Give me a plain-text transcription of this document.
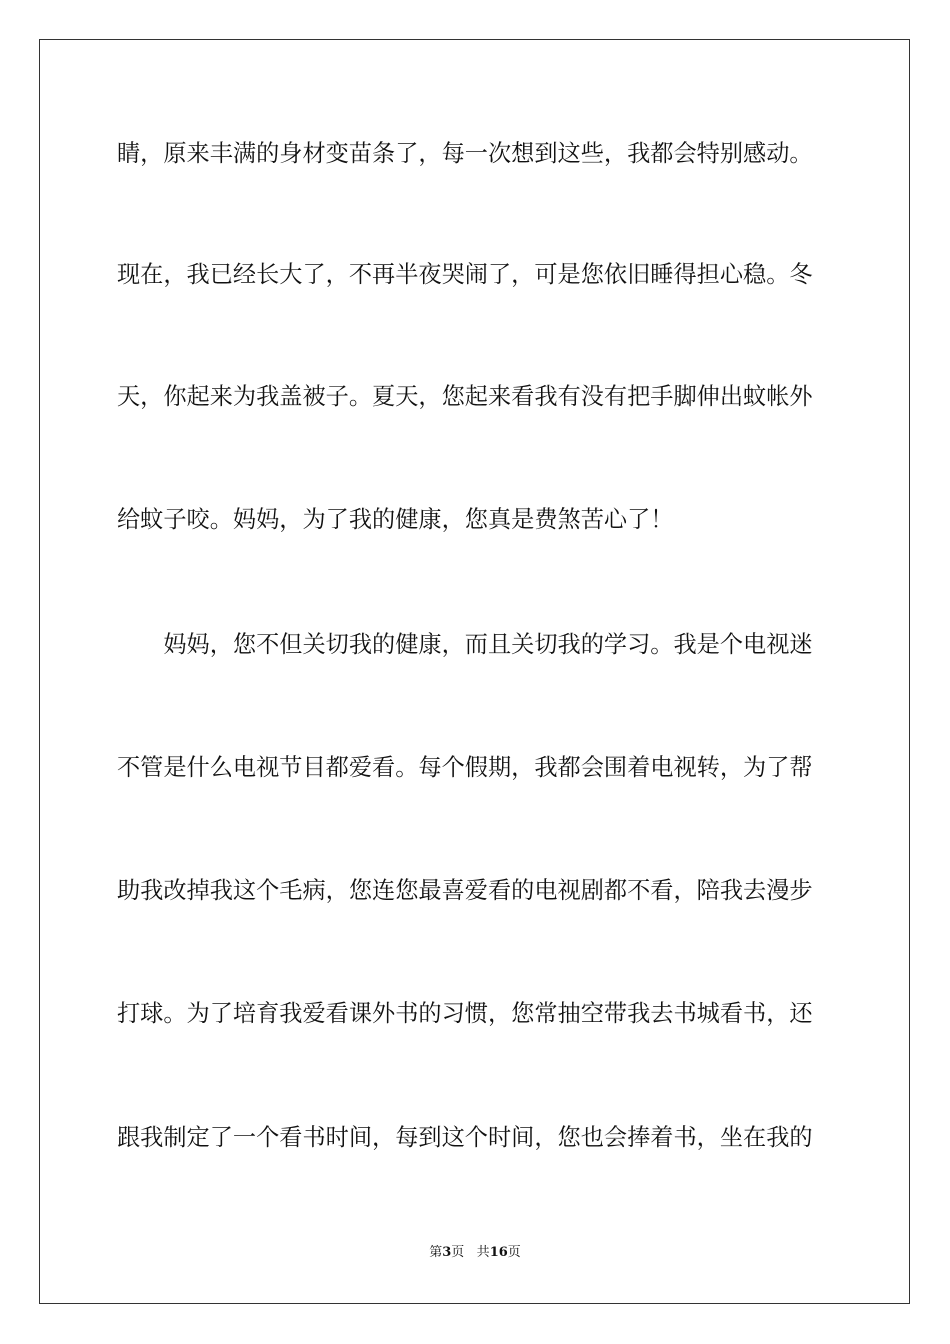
睛，原来丰满的身材变苗条了，每一次想到这些，我都会特别感动。
现在，我已经长大了，不再半夜哭闹了，可是您依旧睡得担心稳。冬
天，你起来为我盖被子。夏天，您起来看我有没有把手脚伸出蚊帐外
给蚊子咬。妈妈，为了我的健康，您真是费煞苦心了！
　　妈妈，您不但关切我的健康，而且关切我的学习。我是个电视迷
不管是什么电视节目都爱看。每个假期，我都会围着电视转，为了帮
助我改掉我这个毛病，您连您最喜爱看的电视剧都不看，陪我去漫步
打球。为了培育我爱看课外书的习惯，您常抽空带我去书城看书，还
跟我制定了一个看书时间，每到这个时间，您也会捧着书，坐在我的
第3页 共16页
